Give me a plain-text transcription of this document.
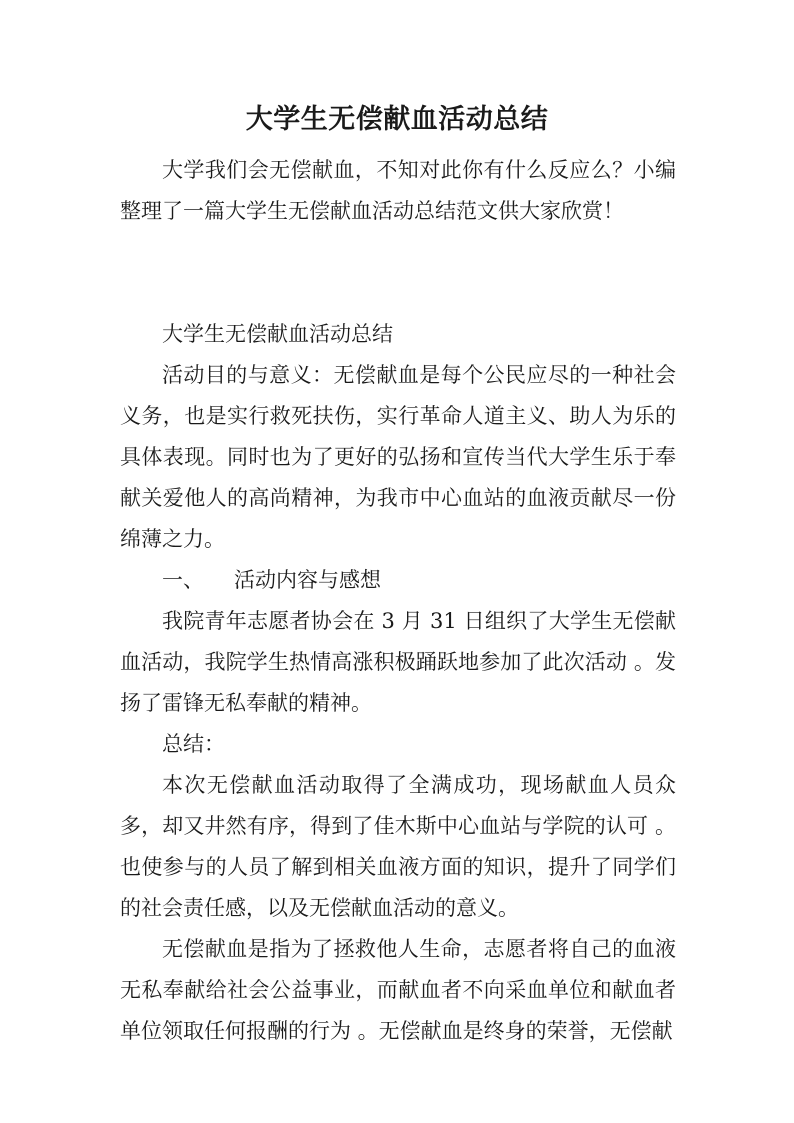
大学生无偿献血活动总结

大学我们会无偿献血，不知对此你有什么反应么？小编整理了一篇大学生无偿献血活动总结范文供大家欣赏！

大学生无偿献血活动总结

活动目的与意义：无偿献血是每个公民应尽的一种社会义务，也是实行救死扶伤，实行革命人道主义、助人为乐的具体表现。同时也为了更好的弘扬和宣传当代大学生乐于奉献关爱他人的高尚精神，为我市中心血站的血液贡献尽一份绵薄之力。

一、 活动内容与感想

我院青年志愿者协会在 3 月 31 日组织了大学生无偿献血活动，我院学生热情高涨积极踊跃地参加了此次活动 。发扬了雷锋无私奉献的精神。

总结：

本次无偿献血活动取得了全满成功，现场献血人员众多，却又井然有序，得到了佳木斯中心血站与学院的认可 。也使参与的人员了解到相关血液方面的知识，提升了同学们的社会责任感，以及无偿献血活动的意义。

无偿献血是指为了拯救他人生命，志愿者将自己的血液无私奉献给社会公益事业，而献血者不向采血单位和献血者单位领取任何报酬的行为 。无偿献血是终身的荣誉，无偿献
